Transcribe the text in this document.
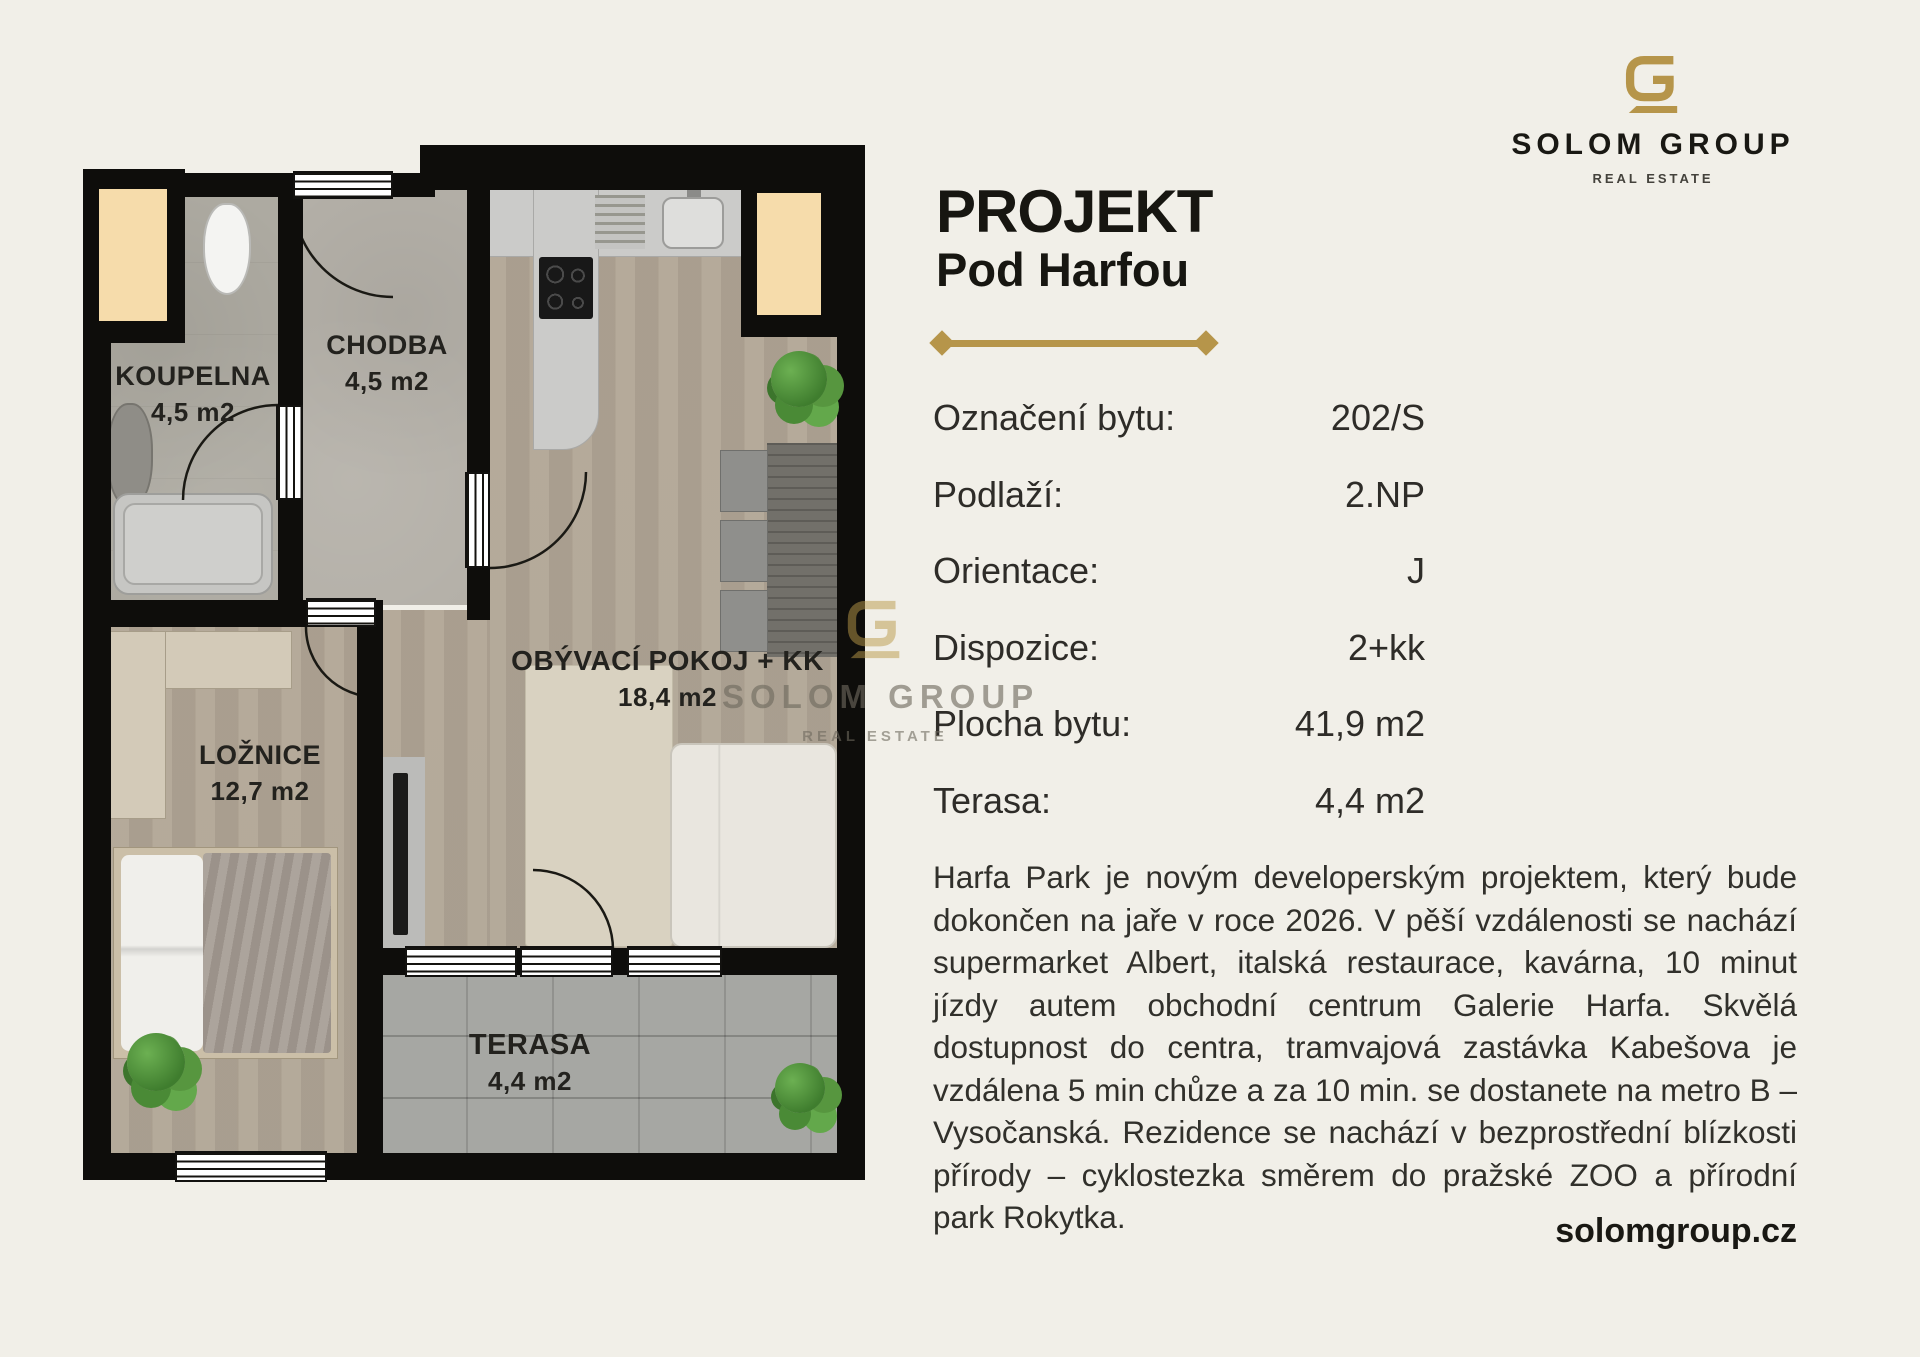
KOUPELNA
4,5 m2
CHODBA
4,5 m2
OBÝVACÍ POKOJ + KK
18,4 m2
LOŽNICE
12,7 m2
TERASA
4,4 m2
SOLOM GROUP
REAL ESTATE
SOLOM GROUP
REAL ESTATE
PROJEKT
Pod Harfou
Označení bytu:	202/S
Podlaží:	2.NP
Orientace:	J
Dispozice:	2+kk
Plocha bytu:	41,9 m2
Terasa:	4,4 m2
Harfa Park je novým developerským projektem, který bude dokončen na jaře v roce 2026. V pěší vzdálenosti se nachází supermarket Albert, italská restaurace, kavárna, 10 minut jízdy autem obchodní centrum Galerie Harfa. Skvělá dostupnost do centra, tramvajová zastávka Kabešova je vzdálena 5 min chůze a za 10 min. se dostanete na metro B – Vysočanská. Rezidence se nachází v bezprostřední blízkosti přírody – cyklostezka směrem do pražské ZOO a přírodní park Rokytka.	solomgroup.cz
